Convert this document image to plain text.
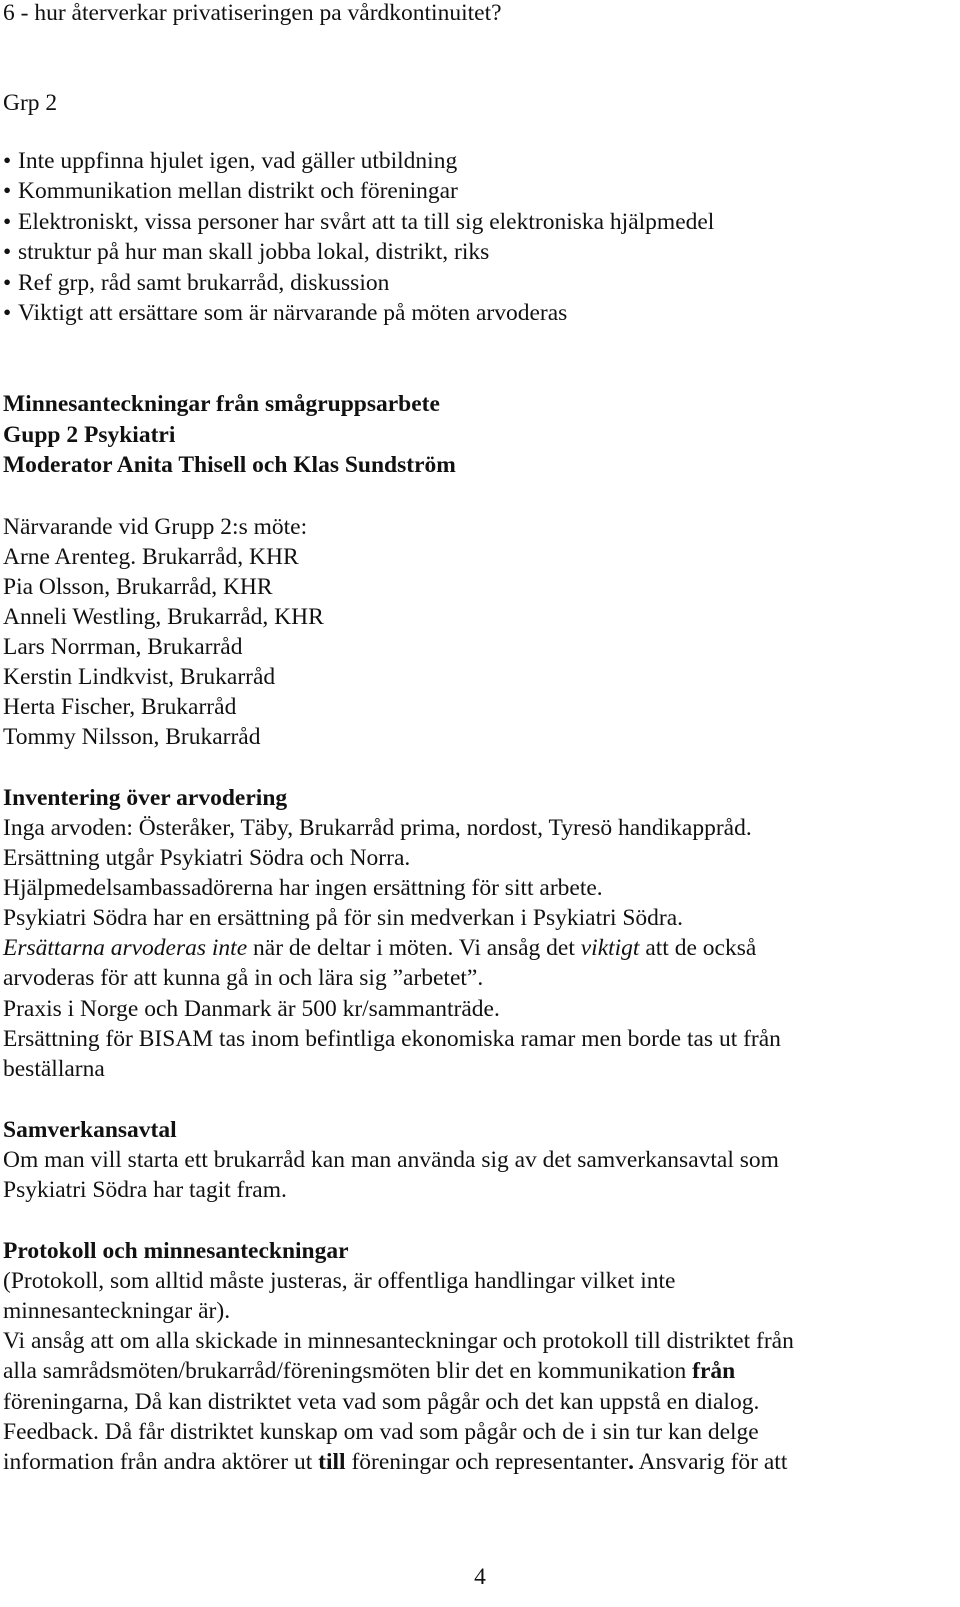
6 - hur återverkar privatiseringen pa vårdkontinuitet?
Grp 2
• Inte uppfinna hjulet igen, vad gäller utbildning
• Kommunikation mellan distrikt och föreningar
• Elektroniskt, vissa personer har svårt att ta till sig elektroniska hjälpmedel
• struktur på hur man skall jobba lokal, distrikt, riks
• Ref grp, råd samt brukarråd, diskussion
• Viktigt att ersättare som är närvarande på möten arvoderas
Minnesanteckningar från smågruppsarbete
Gupp 2 Psykiatri
Moderator Anita Thisell och Klas Sundström
Närvarande vid Grupp 2:s möte:
Arne Arenteg. Brukarråd, KHR
Pia Olsson, Brukarråd, KHR
Anneli Westling, Brukarråd, KHR
Lars Norrman, Brukarråd
Kerstin Lindkvist, Brukarråd
Herta Fischer, Brukarråd
Tommy Nilsson, Brukarråd
Inventering över arvodering
Inga arvoden: Österåker, Täby, Brukarråd prima, nordost, Tyresö handikappråd.
Ersättning utgår Psykiatri Södra och Norra.
Hjälpmedelsambassadörerna har ingen ersättning för sitt arbete.
Psykiatri Södra har en ersättning på för sin medverkan i Psykiatri Södra.
Ersättarna arvoderas inte när de deltar i möten. Vi ansåg det viktigt att de också
arvoderas för att kunna gå in och lära sig ”arbetet”.
Praxis i Norge och Danmark är 500 kr/sammanträde.
Ersättning för BISAM tas inom befintliga ekonomiska ramar men borde tas ut från
beställarna
Samverkansavtal
Om man vill starta ett brukarråd kan man använda sig av det samverkansavtal som
Psykiatri Södra har tagit fram.
Protokoll och minnesanteckningar
(Protokoll, som alltid måste justeras, är offentliga handlingar vilket inte
minnesanteckningar är).
Vi ansåg att om alla skickade in minnesanteckningar och protokoll till distriktet från
alla samrådsmöten/brukarråd/föreningsmöten blir det en kommunikation från
föreningarna, Då kan distriktet veta vad som pågår och det kan uppstå en dialog.
Feedback. Då får distriktet kunskap om vad som pågår och de i sin tur kan delge
information från andra aktörer ut till föreningar och representanter. Ansvarig för att
4
